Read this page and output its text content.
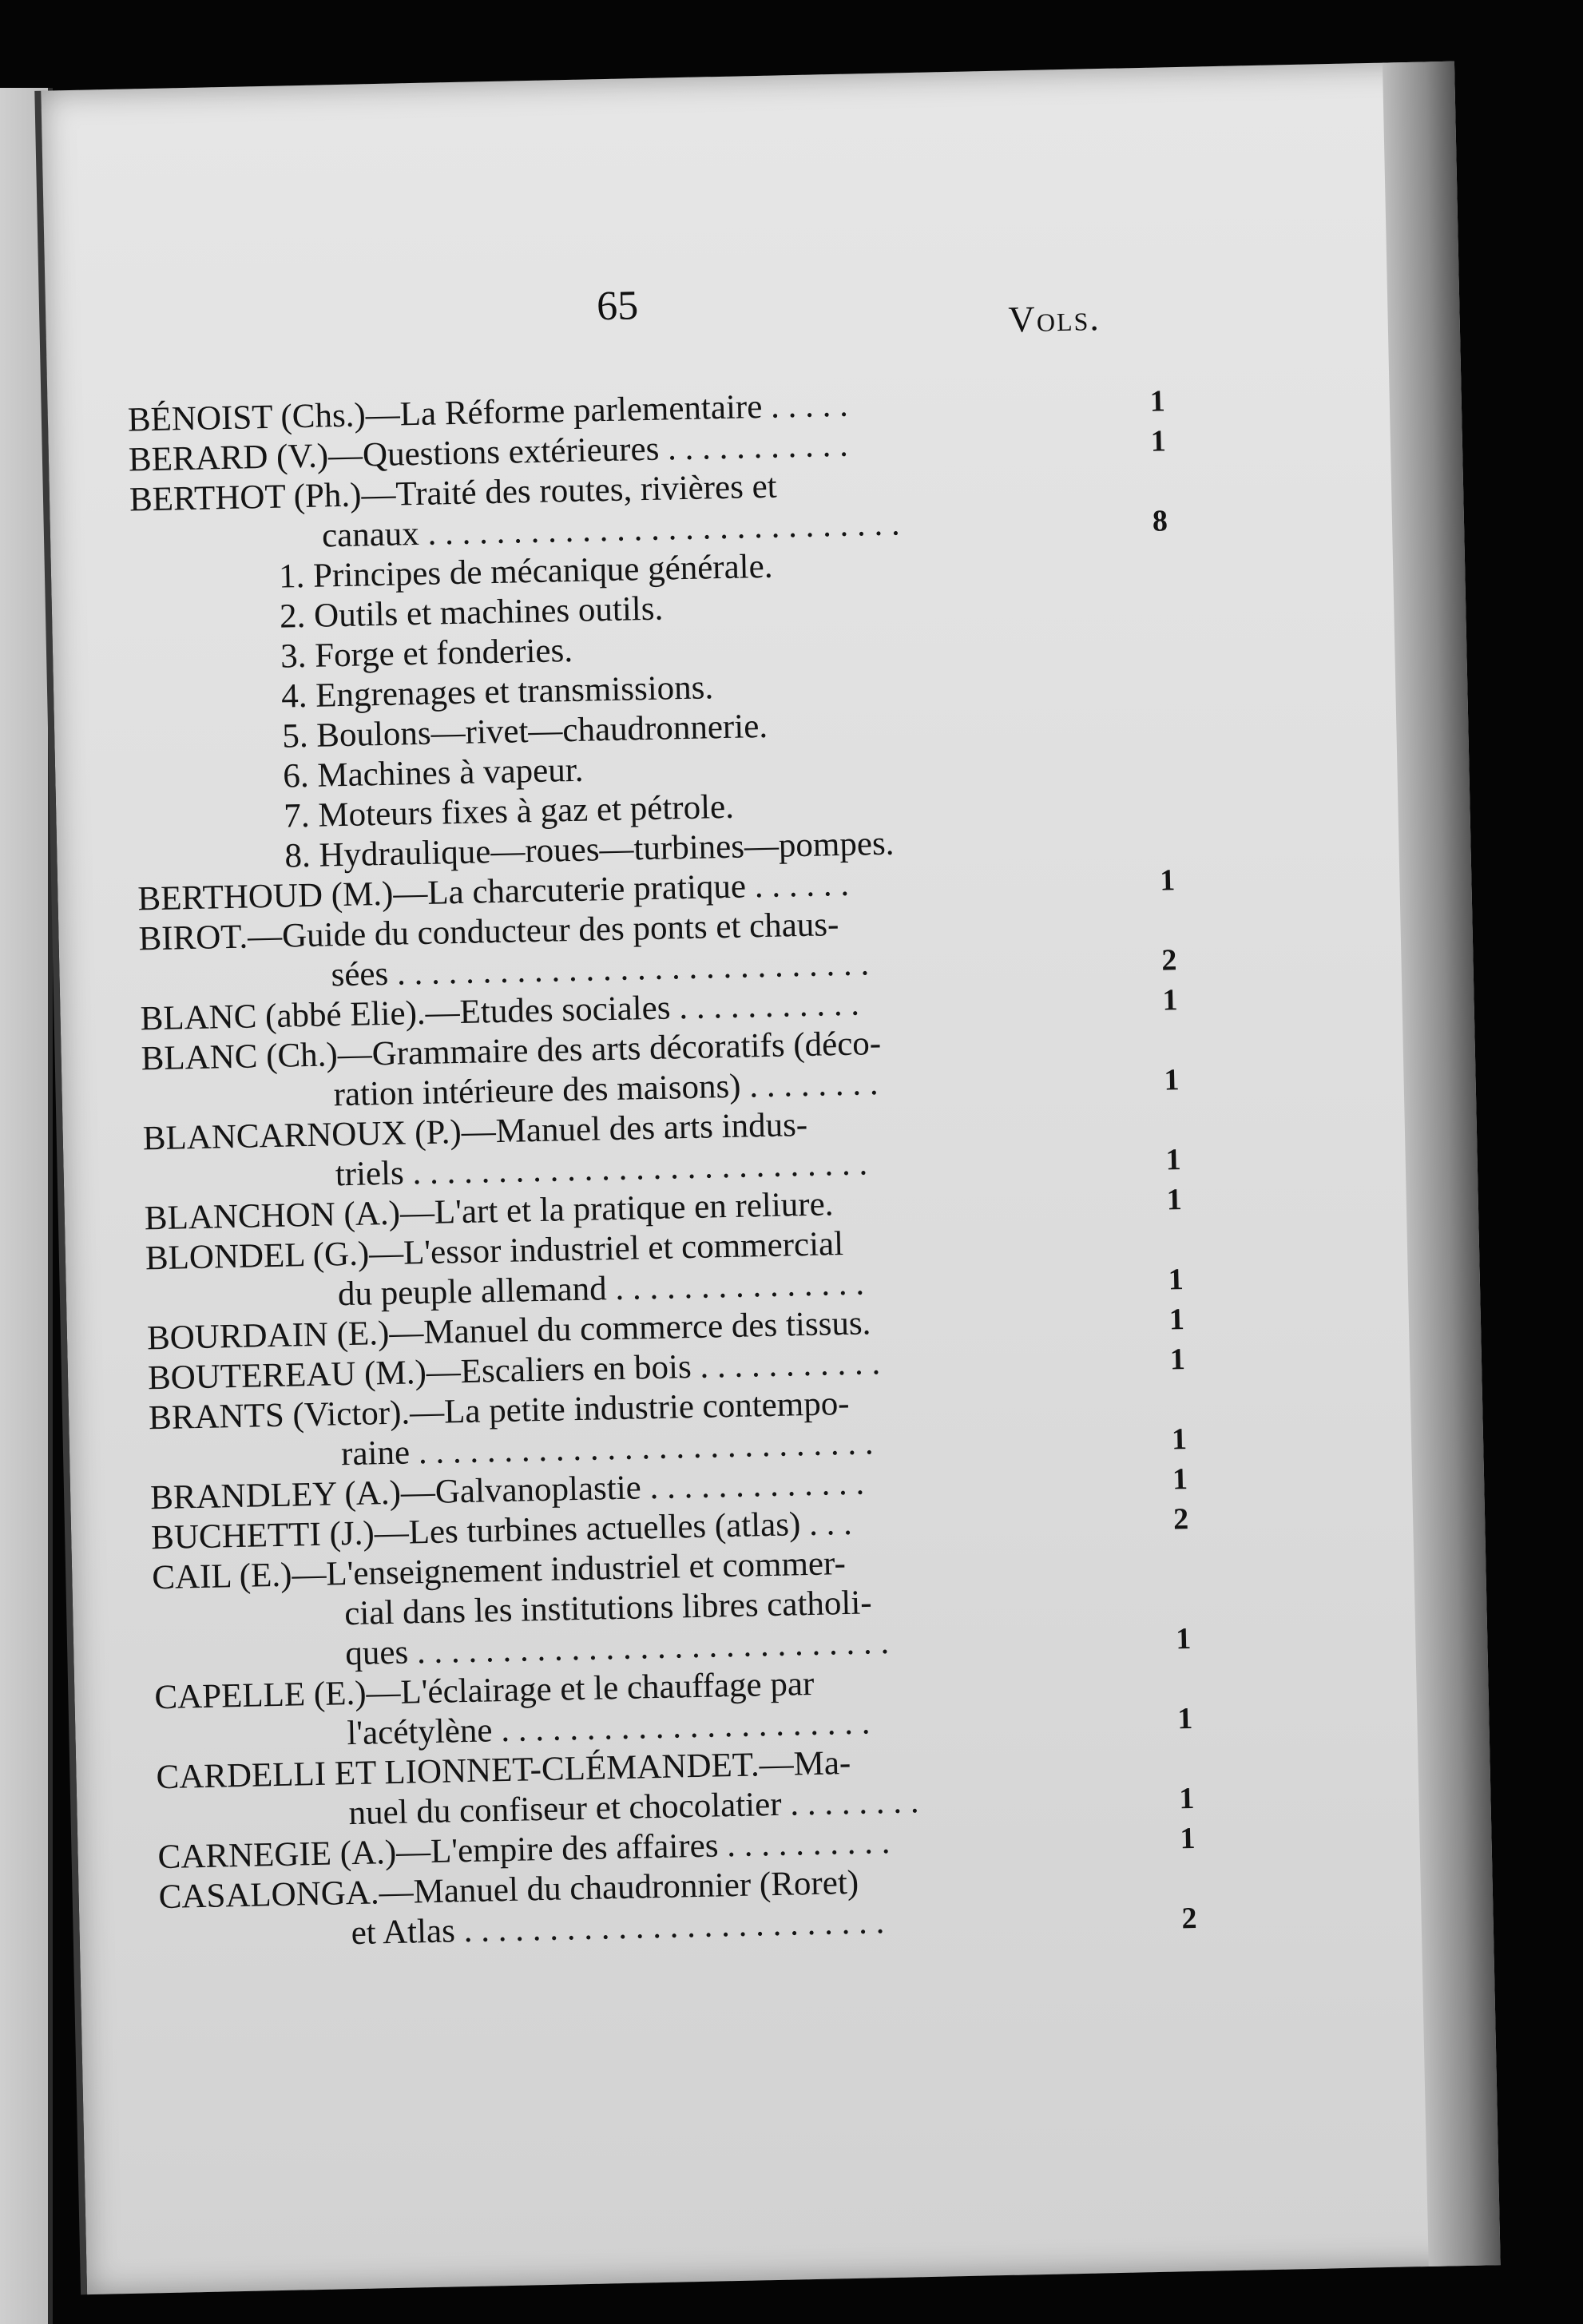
65	Vols.
BÉNOIST (Chs.)—La Réforme parlementaire . . . . .	1
BERARD (V.)—Questions extérieures . . . . . . . . . . .	1
BERTHOT (Ph.)—Traité des routes, rivières et
canaux . . . . . . . . . . . . . . . . . . . . . . . . . . . .	8
1. Principes de mécanique générale.
2. Outils et machines outils.
3. Forge et fonderies.
4. Engrenages et transmissions.
5. Boulons—rivet—chaudronnerie.
6. Machines à vapeur.
7. Moteurs fixes à gaz et pétrole.
8. Hydraulique—roues—turbines—pompes.
BERTHOUD (M.)—La charcuterie pratique . . . . . .	1
BIROT.—Guide du conducteur des ponts et chaus-
sées . . . . . . . . . . . . . . . . . . . . . . . . . . . .	2
BLANC (abbé Elie).—Etudes sociales . . . . . . . . . . .	1
BLANC (Ch.)—Grammaire des arts décoratifs (déco-
ration intérieure des maisons) . . . . . . . .	1
BLANCARNOUX (P.)—Manuel des arts indus-
triels . . . . . . . . . . . . . . . . . . . . . . . . . . .	1
BLANCHON (A.)—L'art et la pratique en reliure.	1
BLONDEL (G.)—L'essor industriel et commercial
du peuple allemand . . . . . . . . . . . . . . .	1
BOURDAIN (E.)—Manuel du commerce des tissus.	1
BOUTEREAU (M.)—Escaliers en bois . . . . . . . . . . .	1
BRANTS (Victor).—La petite industrie contempo-
raine . . . . . . . . . . . . . . . . . . . . . . . . . . .	1
BRANDLEY (A.)—Galvanoplastie . . . . . . . . . . . . .	1
BUCHETTI (J.)—Les turbines actuelles (atlas) . . .	2
CAIL (E.)—L'enseignement industriel et commer-
cial dans les institutions libres catholi-
ques . . . . . . . . . . . . . . . . . . . . . . . . . . . .	1
CAPELLE (E.)—L'éclairage et le chauffage par
l'acétylène . . . . . . . . . . . . . . . . . . . . . .	1
CARDELLI ET LIONNET-CLÉMANDET.—Ma-
nuel du confiseur et chocolatier . . . . . . . .	1
CARNEGIE (A.)—L'empire des affaires . . . . . . . . . .	1
CASALONGA.—Manuel du chaudronnier (Roret)
et Atlas . . . . . . . . . . . . . . . . . . . . . . . . .	2
